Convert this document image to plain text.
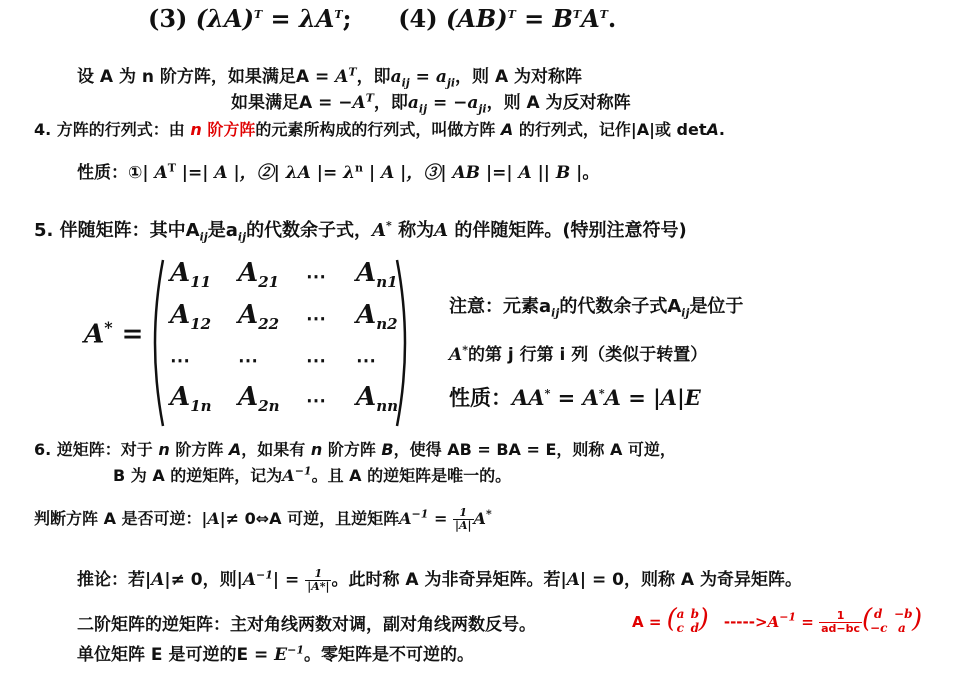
(3) $(\lambda A)^T = \lambda A^T$; (4) $(AB)^T = B^TA^T$.
设 A 为 n 阶方阵，如果满足$A = A^T$，即$a_{ij} = a_{ji}$，则 A 为对称阵
如果满足$A = -A^T$，即$a_{ij} = -a_{ji}$，则 A 为反对称阵
4. 方阵的行列式：由 n 阶方阵的元素所构成的行列式，叫做方阵 A 的行列式，记作|A|或 detA.
性质：①| $A^T$ |=| A |，②| λA |= $\lambda^n$ | A |，③| AB |=| A || B |。
5. 伴随矩阵：其中$A_{ij}$是$a_{ij}$的代数余子式，A* 称为A 的伴随矩阵。(特别注意符号)
A* =
$A_{11}$ $A_{21}$ ⋯ $A_{n1}$
$A_{12}$ $A_{22}$ ⋯ $A_{n2}$
⋯ ⋯ ⋯ ⋯
$A_{1n}$ $A_{2n}$ ⋯ $A_{nn}$
注意：元素$a_{ij}$的代数余子式$A_{ij}$是位于
A*的第 j 行第 i 列（类似于转置）
性质：AA* = A*A = |A|E
6. 逆矩阵：对于 n 阶方阵 A，如果有 n 阶方阵 B，使得 AB = BA = E，则称 A 可逆，
B 为 A 的逆矩阵，记为$A^{-1}$。且 A 的逆矩阵是唯一的。
判断方阵 A 是否可逆：|A|≠ 0⇔A 可逆，且逆矩阵$A^{-1} = \frac{1}{|A|} A^*$
推论：若|A|≠ 0，则$|A^{-1}| = \frac{1}{|A*|}$ 。此时称 A 为非奇异矩阵。若|A| = 0，则称 A 为奇异矩阵。
二阶矩阵的逆矩阵：主对角线两数对调，副对角线两数反号。
单位矩阵 E 是可逆的$E = E^{-1}$。零矩阵是不可逆的。
A = ( a b
c d ) $----->A^{-1} = \frac{1}{ad-bc}$ ( d −b
−c a )
